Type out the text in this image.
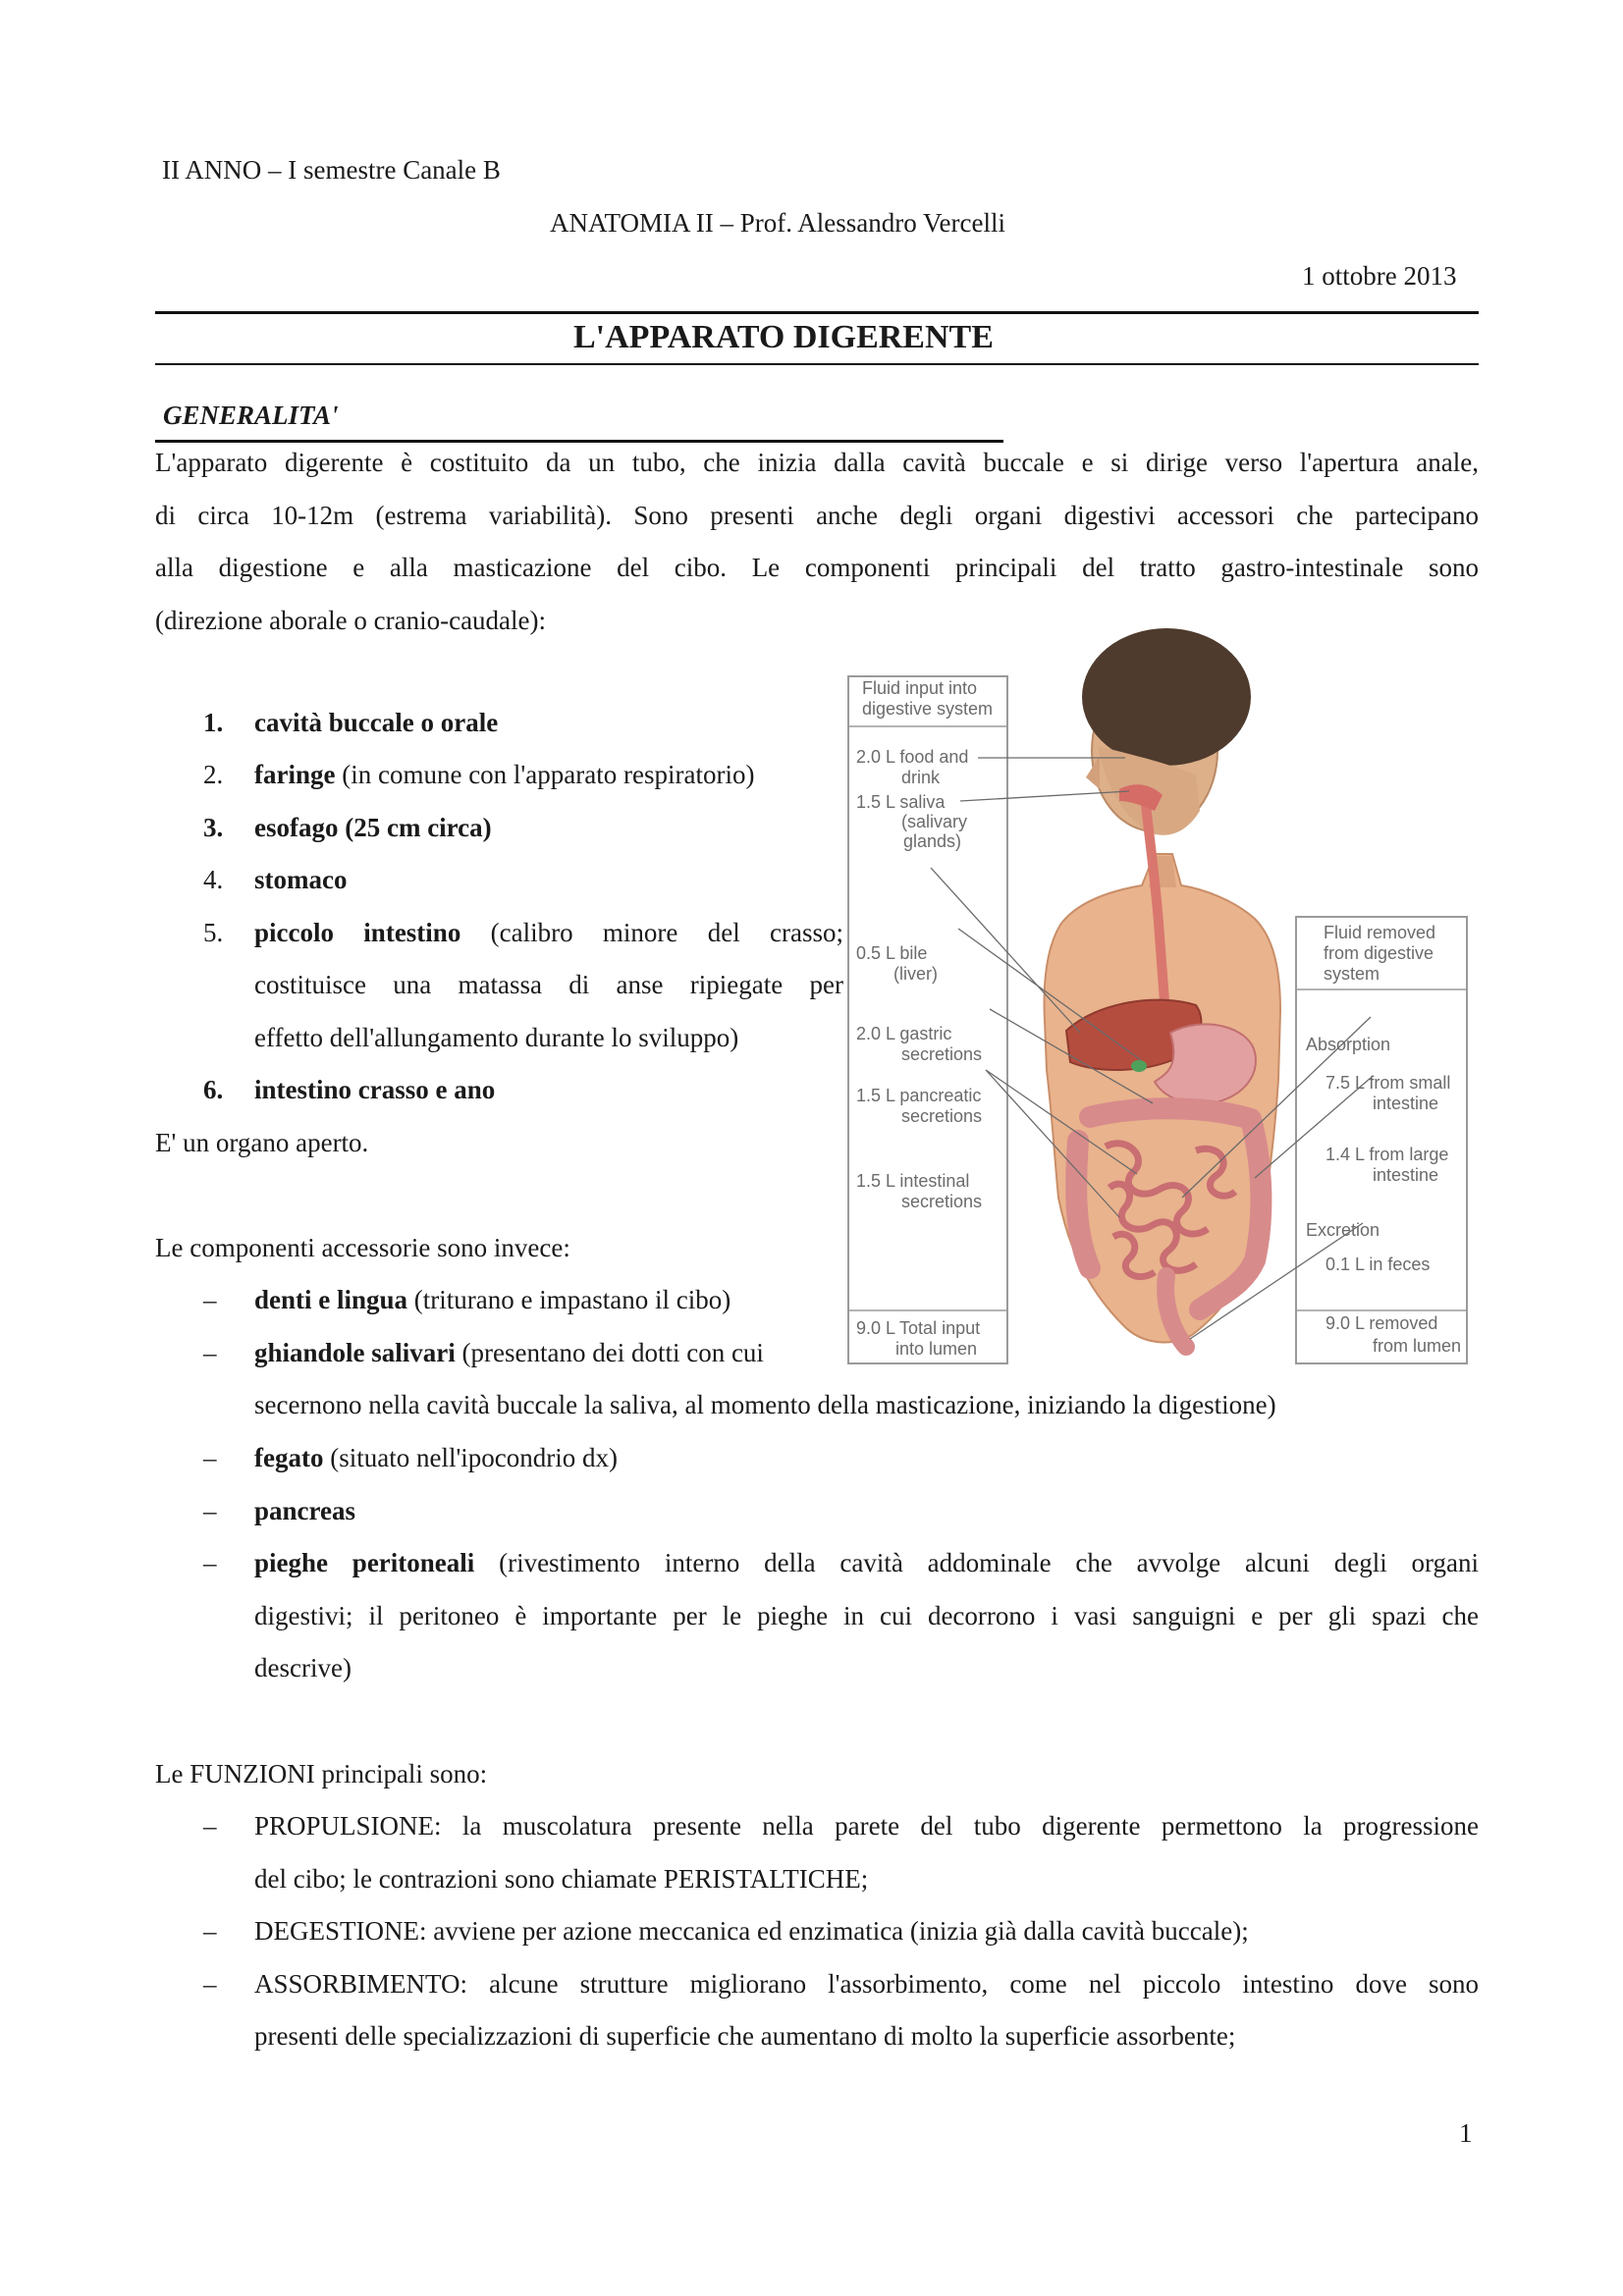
II ANNO – I semestre Canale B
ANATOMIA II – Prof. Alessandro Vercelli
1 ottobre 2013
L'APPARATO DIGERENTE
GENERALITA'
L'apparato digerente è costituito da un tubo, che inizia dalla cavità buccale e si dirige verso l'apertura anale,
di circa 10-12m (estrema variabilità). Sono presenti anche degli organi digestivi accessori che partecipano
alla digestione e alla masticazione del cibo. Le componenti principali del tratto gastro-intestinale sono
(direzione aborale o cranio-caudale):
1. cavità buccale o orale
2. faringe (in comune con l'apparato respiratorio)
3. esofago (25 cm circa)
4. stomaco
5. piccolo intestino (calibro minore del crasso;
costituisce una matassa di anse ripiegate per
effetto dell'allungamento durante lo sviluppo)
6. intestino crasso e ano
E' un organo aperto.
Le componenti accessorie sono invece:
– denti e lingua (triturano e impastano il cibo)
– ghiandole salivari (presentano dei dotti con cui
secernono nella cavità buccale la saliva, al momento della masticazione, iniziando la digestione)
– fegato (situato nell'ipocondrio dx)
– pancreas
– pieghe peritoneali (rivestimento interno della cavità addominale che avvolge alcuni degli organi
digestivi; il peritoneo è importante per le pieghe in cui decorrono i vasi sanguigni e per gli spazi che
descrive)
Le FUNZIONI principali sono:
– PROPULSIONE: la muscolatura presente nella parete del tubo digerente permettono la progressione
del cibo; le contrazioni sono chiamate PERISTALTICHE;
– DEGESTIONE: avviene per azione meccanica ed enzimatica (inizia già dalla cavità buccale);
– ASSORBIMENTO: alcune strutture migliorano l'assorbimento, come nel piccolo intestino dove sono
presenti delle specializzazioni di superficie che aumentano di molto la superficie assorbente;
1
Fluid input into
digestive system
2.0 L food and
drink
1.5 L saliva
(salivary
glands)
0.5 L bile
(liver)
2.0 L gastric
secretions
1.5 L pancreatic
secretions
1.5 L intestinal
secretions
9.0 L Total input
into lumen
Fluid removed
from digestive
system
Absorption
7.5 L from small
intestine
1.4 L from large
intestine
Excretion
0.1 L in feces
9.0 L removed
from lumen
